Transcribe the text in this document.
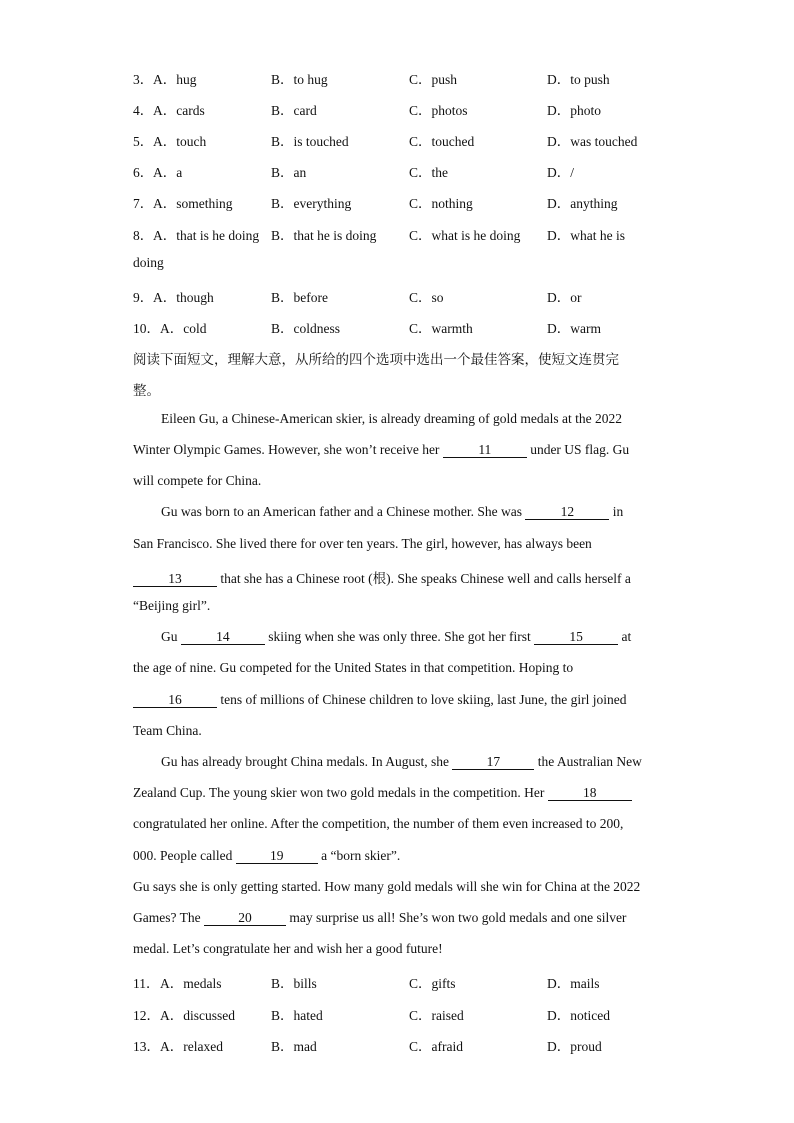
3． A．hug	B．to hug	C．push	D．to push
4． A．cards	B．card	C．photos	D．photo
5． A．touch	B．is touched	C．touched	D．was touched
6． A．a	B．an	C．the	D．/
7． A．something	B．everything	C．nothing	D．anything
8． A．that is he doing B．that he is doing C．what is he doing D．what he is
doing
9． A．though	B．before	C．so	D．or
10． A．cold	B．coldness	C．warmth	D．warm
阅读下面短文，理解大意，从所给的四个选项中选出一个最佳答案，使短文连贯完
整。
Eileen Gu, a Chinese-American skier, is already dreaming of gold medals at the 2022
Winter Olympic Games. However, she won’t receive her	11	under US flag. Gu
will compete for China.
Gu was born to an American father and a Chinese mother. She was	12	in
San Francisco. She lived there for over ten years. The girl, however, has always been
13	that she has a Chinese root (根). She speaks Chinese well and calls herself a
“Beijing girl”.
Gu	14	skiing when she was only three. She got her first	15	at
the age of nine. Gu competed for the United States in that competition. Hoping to
16	tens of millions of Chinese children to love skiing, last June, the girl joined
Team China.
Gu has already brought China medals. In August, she	17	the Australian New
Zealand Cup. The young skier won two gold medals in the competition. Her	18
congratulated her online. After the competition, the number of them even increased to 200,
000. People called	19	a “born skier”.
Gu says she is only getting started. How many gold medals will she win for China at the 2022
Games? The	20	may surprise us all! She’s won two gold medals and one silver
medal. Let’s congratulate her and wish her a good future!
11． A．medals	B．bills	C．gifts	D．mails
12． A．discussed	B．hated	C．raised	D．noticed
13． A．relaxed	B．mad	C．afraid	D．proud
